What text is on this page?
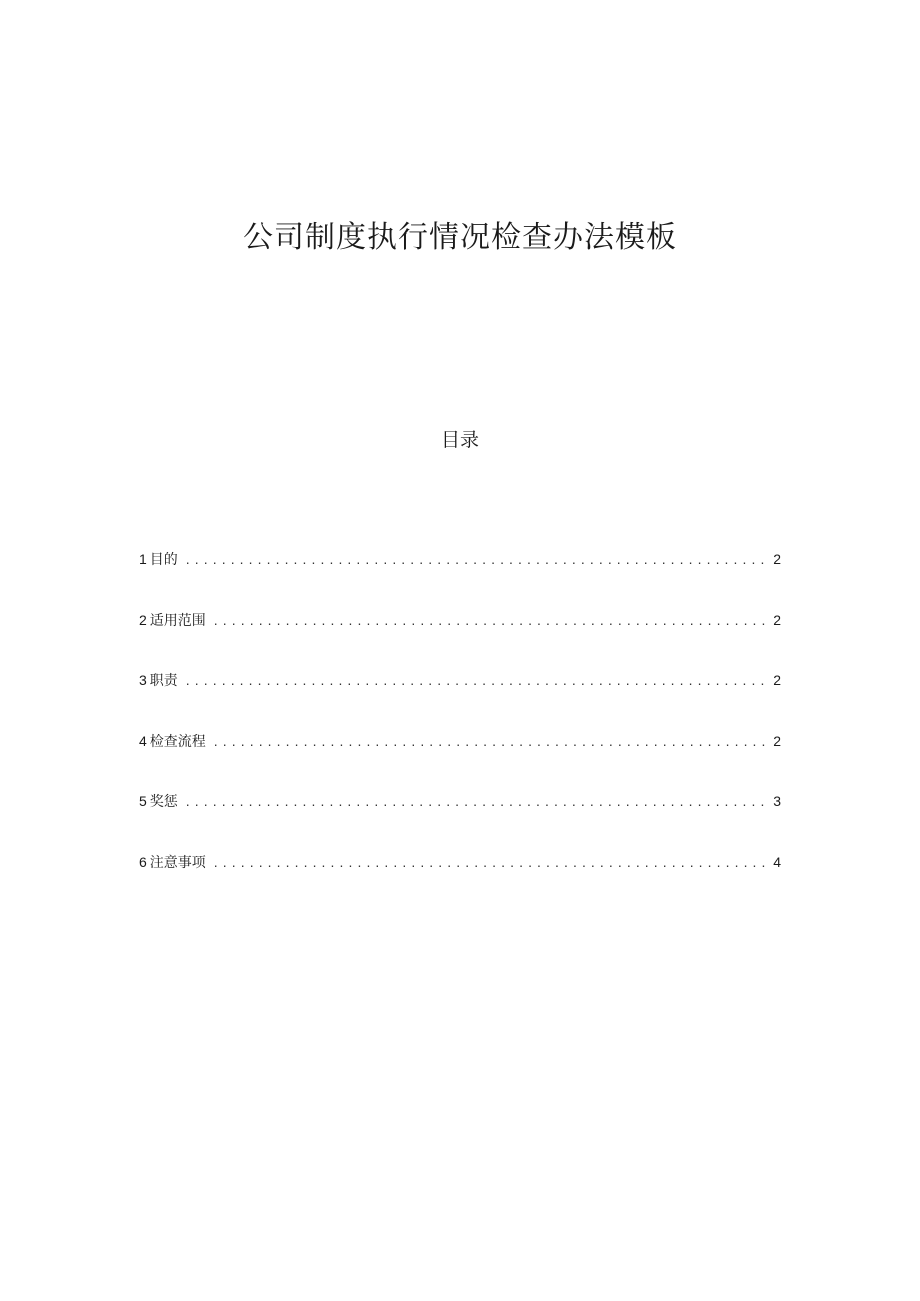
公司制度执行情况检查办法模板
目录
1 目的 . . .	2
2 适用范围 . . .	2
3 职责 . . .	2
4 检查流程 . . .	2
5 奖惩 . . .	3
6 注意事项 . . .	4
